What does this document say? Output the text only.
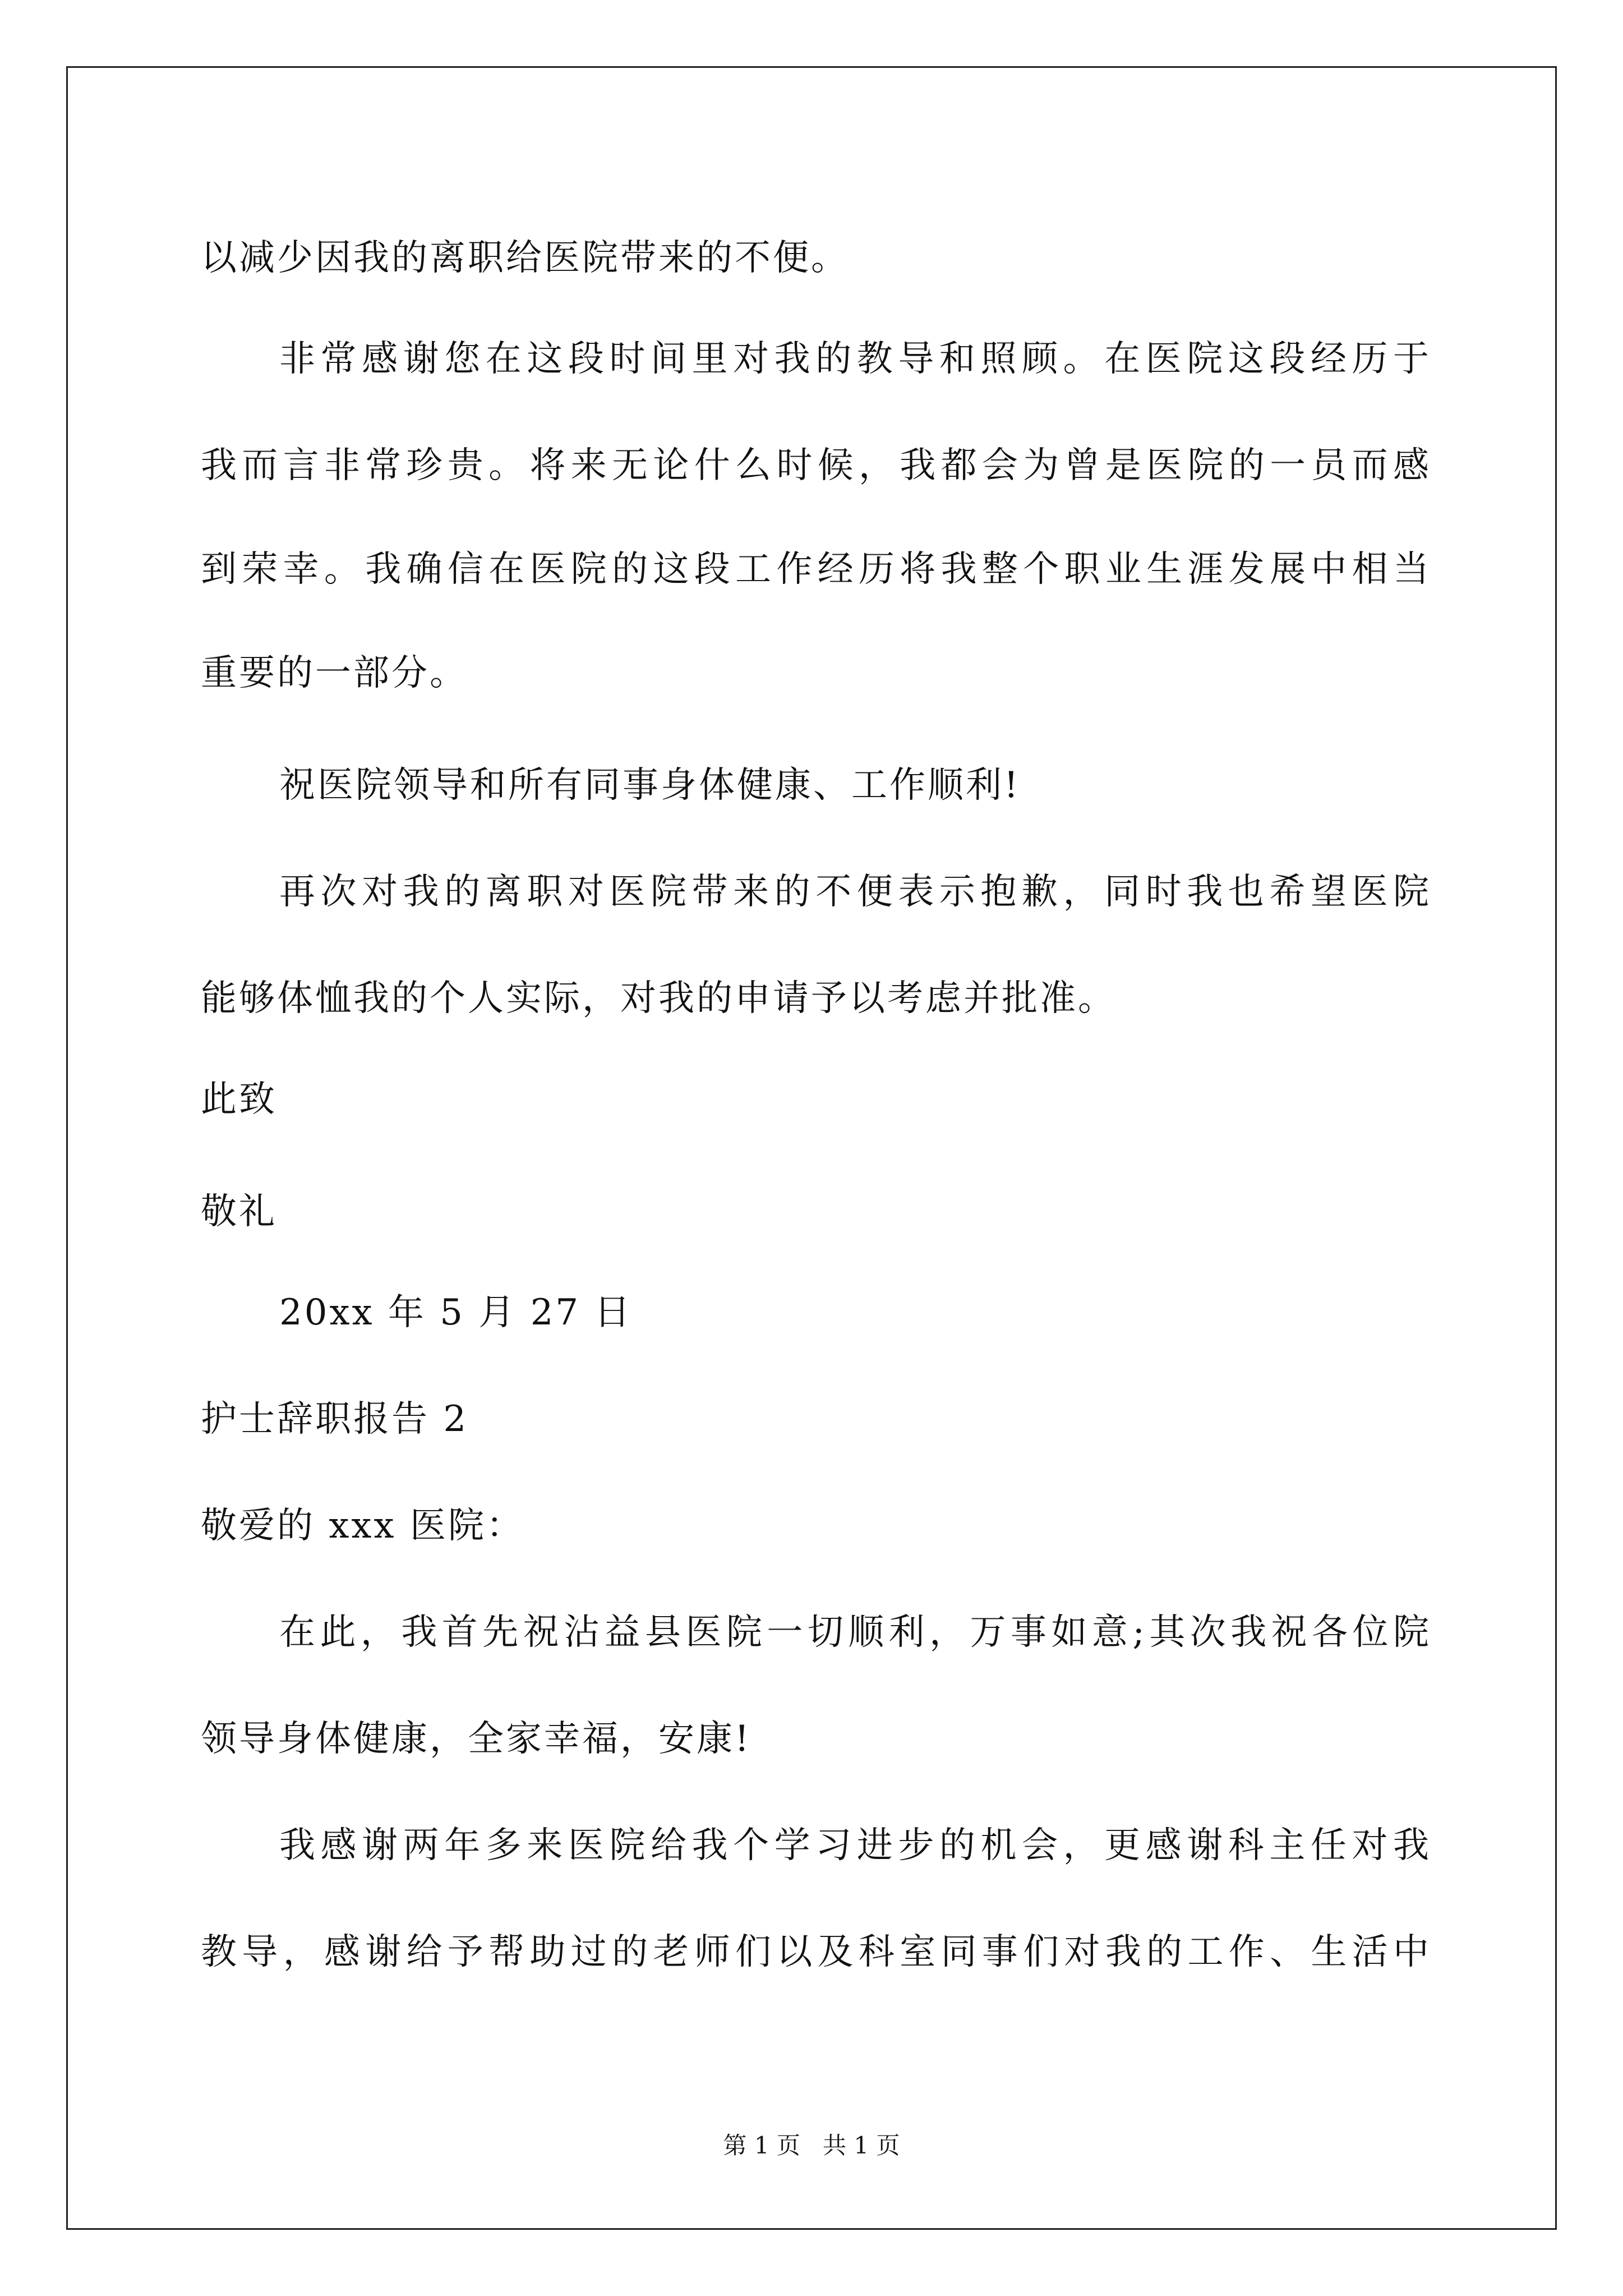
以减少因我的离职给医院带来的不便。
非常感谢您在这段时间里对我的教导和照顾。在医院这段经历于
我而言非常珍贵。将来无论什么时候，我都会为曾是医院的一员而感
到荣幸。我确信在医院的这段工作经历将我整个职业生涯发展中相当
重要的一部分。
祝医院领导和所有同事身体健康、工作顺利!
再次对我的离职对医院带来的不便表示抱歉，同时我也希望医院
能够体恤我的个人实际，对我的申请予以考虑并批准。
此致
敬礼
20xx 年 5 月 27 日
护士辞职报告 2
敬爱的 xxx 医院：
在此，我首先祝沾益县医院一切顺利，万事如意;其次我祝各位院
领导身体健康，全家幸福，安康!
我感谢两年多来医院给我个学习进步的机会，更感谢科主任对我
教导，感谢给予帮助过的老师们以及科室同事们对我的工作、生活中
第 1 页   共 1 页
